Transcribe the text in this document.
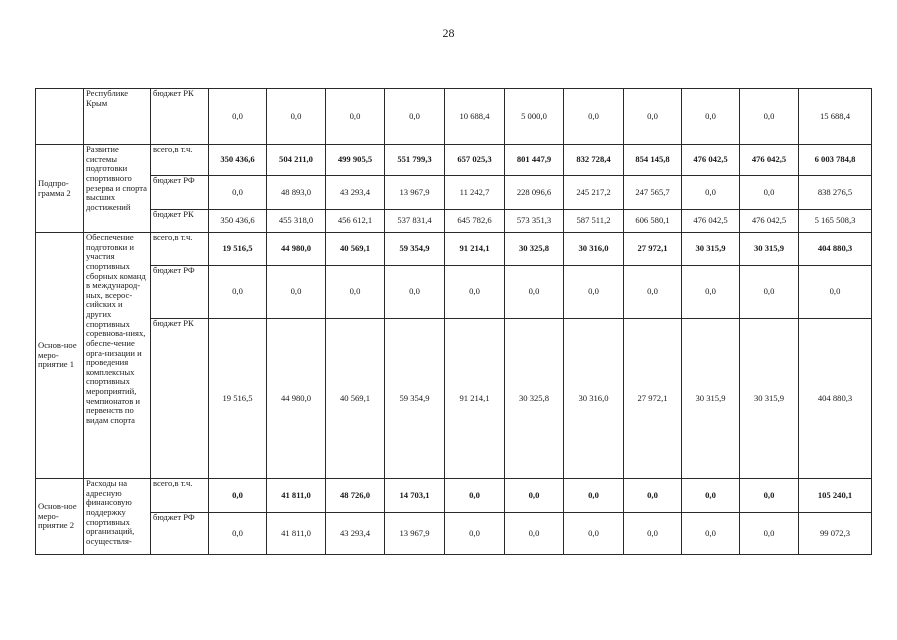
28
	Республике Крым	бюджет РК	0,0	0,0	0,0	0,0	10 688,4	5 000,0	0,0	0,0	0,0	0,0	15 688,4
Подпро-грамма 2	Развитие системы подготовки спортивного резерва и спорта высших достижений	всего,в т.ч.	350 436,6	504 211,0	499 905,5	551 799,3	657 025,3	801 447,9	832 728,4	854 145,8	476 042,5	476 042,5	6 003 784,8
		бюджет РФ	0,0	48 893,0	43 293,4	13 967,9	11 242,7	228 096,6	245 217,2	247 565,7	0,0	0,0	838 276,5
		бюджет РК	350 436,6	455 318,0	456 612,1	537 831,4	645 782,6	573 351,3	587 511,2	606 580,1	476 042,5	476 042,5	5 165 508,3
Основ-ное меро-приятие 1	Обеспечение подготовки и участия спортивных сборных команд в международ-ных, всерос-сийских и других спортивных соревнова-ниях, обеспе-чение орга-низации и проведения комплексных спортивных мероприятий, чемпионатов и первенств по видам спорта	всего,в т.ч.	19 516,5	44 980,0	40 569,1	59 354,9	91 214,1	30 325,8	30 316,0	27 972,1	30 315,9	30 315,9	404 880,3
		бюджет РФ	0,0	0,0	0,0	0,0	0,0	0,0	0,0	0,0	0,0	0,0	0,0
		бюджет РК	19 516,5	44 980,0	40 569,1	59 354,9	91 214,1	30 325,8	30 316,0	27 972,1	30 315,9	30 315,9	404 880,3
Основ-ное меро-приятие 2	Расходы на адресную финансовую поддержку спортивных организаций, осуществля-	всего,в т.ч.	0,0	41 811,0	48 726,0	14 703,1	0,0	0,0	0,0	0,0	0,0	0,0	105 240,1
		бюджет РФ	0,0	41 811,0	43 293,4	13 967,9	0,0	0,0	0,0	0,0	0,0	0,0	99 072,3
